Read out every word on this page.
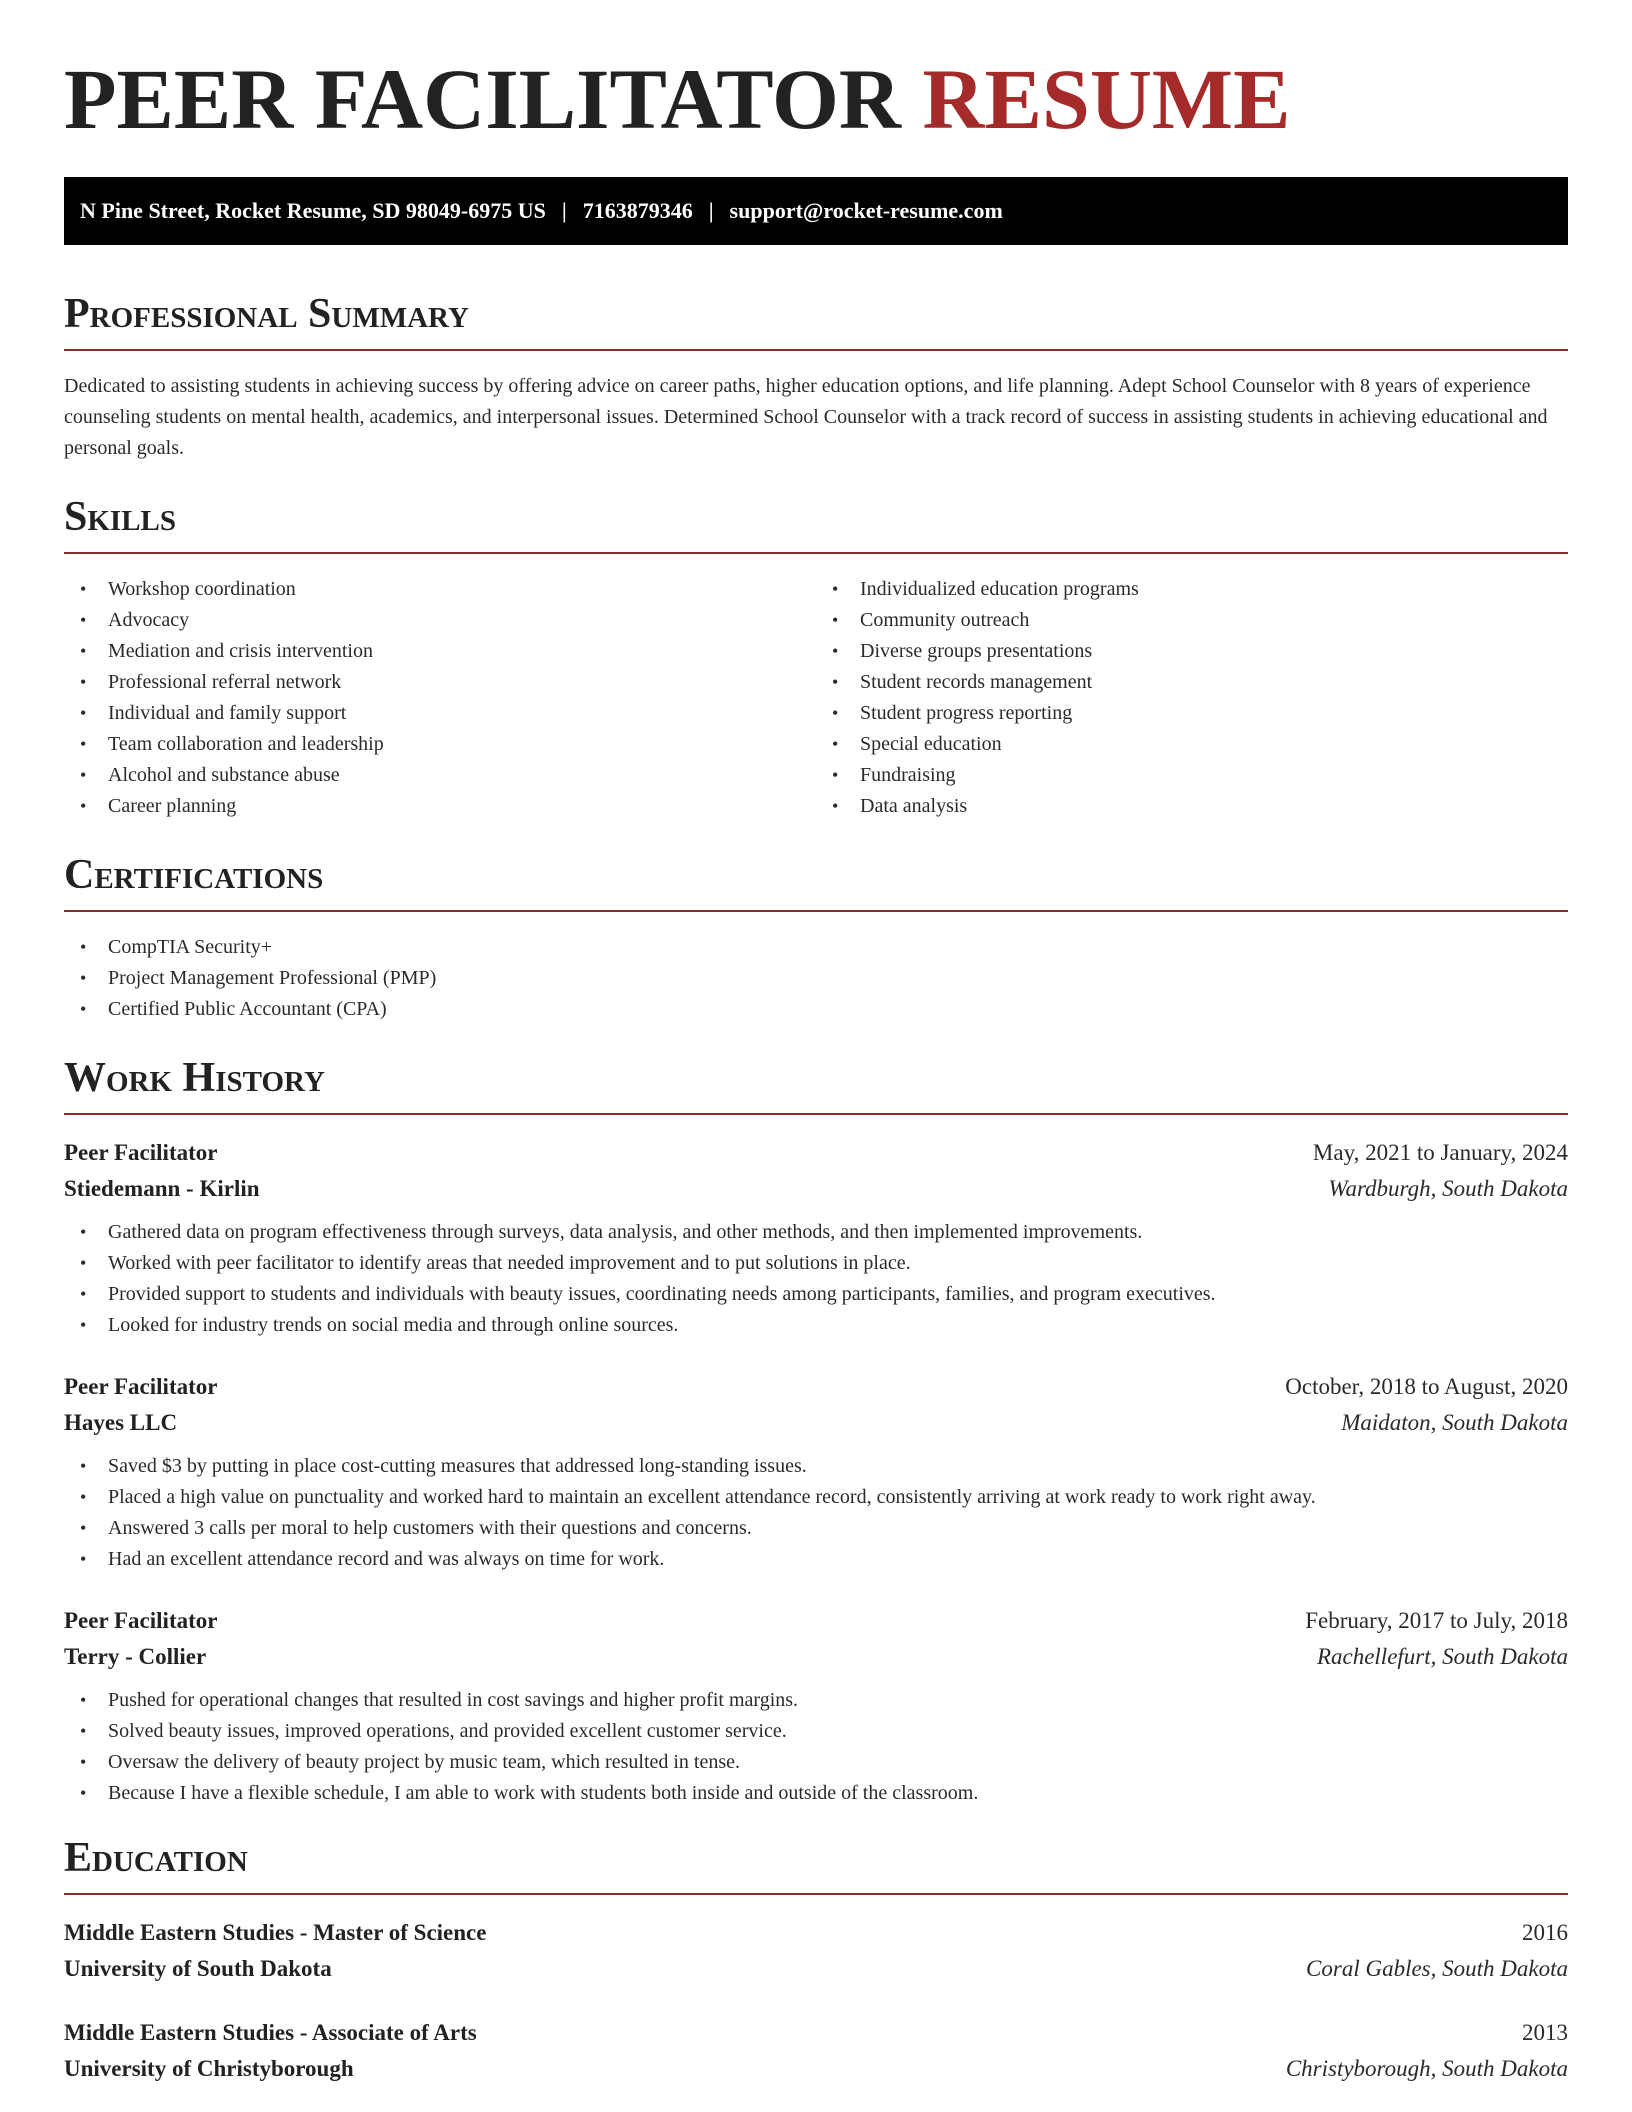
PEER FACILITATOR RESUME
N Pine Street, Rocket Resume, SD 98049-6975 US | 7163879346 | support@rocket-resume.com
Professional Summary

Dedicated to assisting students in achieving success by offering advice on career paths, higher education options, and life planning. Adept School Counselor with 8 years of experience counseling students on mental health, academics, and interpersonal issues. Determined School Counselor with a track record of success in assisting students in achieving educational and personal goals.

Skills
• Workshop coordination
• Advocacy
• Mediation and crisis intervention
• Professional referral network
• Individual and family support
• Team collaboration and leadership
• Alcohol and substance abuse
• Career planning
• Individualized education programs
• Community outreach
• Diverse groups presentations
• Student records management
• Student progress reporting
• Special education
• Fundraising
• Data analysis
Certifications
• CompTIA Security+
• Project Management Professional (PMP)
• Certified Public Accountant (CPA)
Work History
Peer Facilitator	May, 2021 to January, 2024
Stiedemann - Kirlin	Wardburgh, South Dakota
• Gathered data on program effectiveness through surveys, data analysis, and other methods, and then implemented improvements.
• Worked with peer facilitator to identify areas that needed improvement and to put solutions in place.
• Provided support to students and individuals with beauty issues, coordinating needs among participants, families, and program executives.
• Looked for industry trends on social media and through online sources.
Peer Facilitator	October, 2018 to August, 2020
Hayes LLC	Maidaton, South Dakota
• Saved $3 by putting in place cost-cutting measures that addressed long-standing issues.
• Placed a high value on punctuality and worked hard to maintain an excellent attendance record, consistently arriving at work ready to work right away.
• Answered 3 calls per moral to help customers with their questions and concerns.
• Had an excellent attendance record and was always on time for work.
Peer Facilitator	February, 2017 to July, 2018
Terry - Collier	Rachellefurt, South Dakota
• Pushed for operational changes that resulted in cost savings and higher profit margins.
• Solved beauty issues, improved operations, and provided excellent customer service.
• Oversaw the delivery of beauty project by music team, which resulted in tense.
• Because I have a flexible schedule, I am able to work with students both inside and outside of the classroom.
Education
Middle Eastern Studies - Master of Science	2016
University of South Dakota	Coral Gables, South Dakota
Middle Eastern Studies - Associate of Arts	2013
University of Christyborough	Christyborough, South Dakota
